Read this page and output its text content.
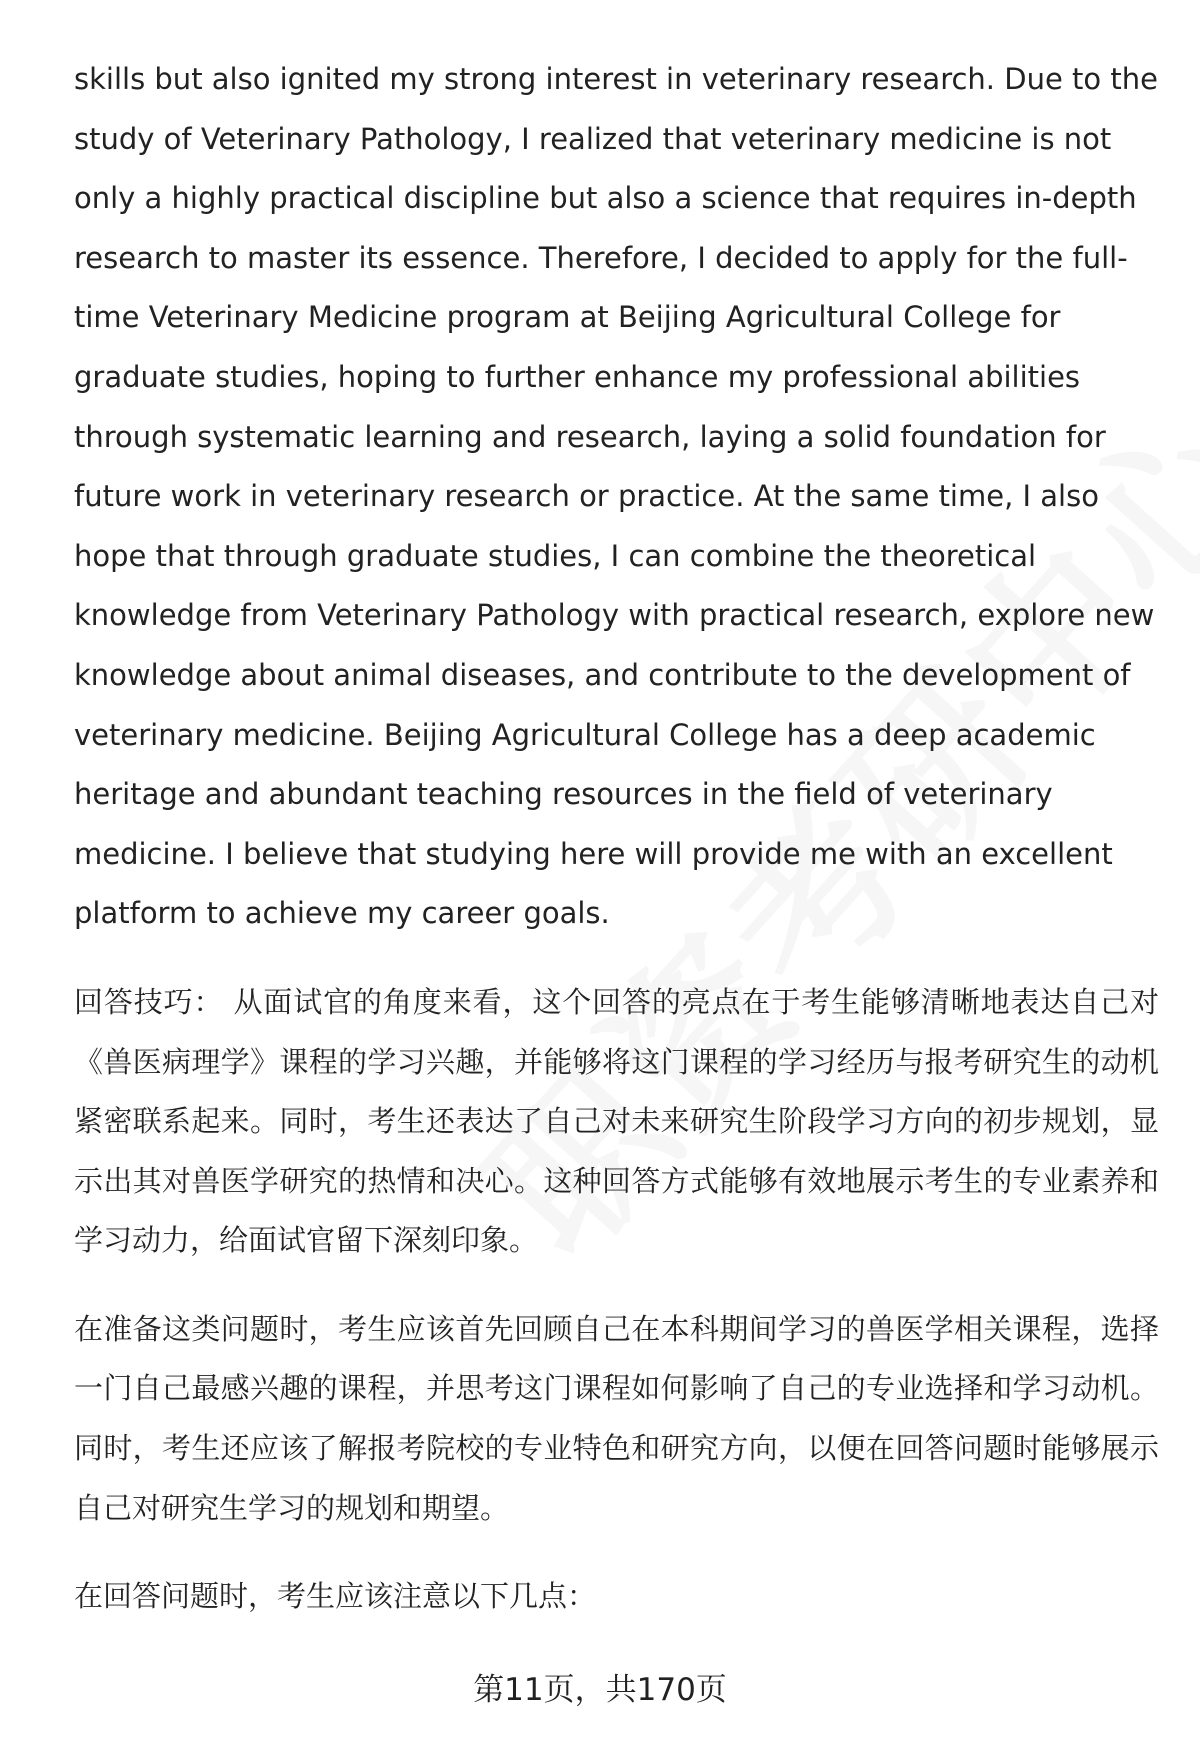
skills but also ignited my strong interest in veterinary research. Due to the study of Veterinary Pathology, I realized that veterinary medicine is not only a highly practical discipline but also a science that requires in-depth research to master its essence. Therefore, I decided to apply for the full-time Veterinary Medicine program at Beijing Agricultural College for graduate studies, hoping to further enhance my professional abilities through systematic learning and research, laying a solid foundation for future work in veterinary research or practice. At the same time, I also hope that through graduate studies, I can combine the theoretical knowledge from Veterinary Pathology with practical research, explore new knowledge about animal diseases, and contribute to the development of veterinary medicine. Beijing Agricultural College has a deep academic heritage and abundant teaching resources in the field of veterinary medicine. I believe that studying here will provide me with an excellent platform to achieve my career goals.

回答技巧： 从面试官的角度来看，这个回答的亮点在于考生能够清晰地表达自己对《兽医病理学》课程的学习兴趣，并能够将这门课程的学习经历与报考研究生的动机紧密联系起来。同时，考生还表达了自己对未来研究生阶段学习方向的初步规划，显示出其对兽医学研究的热情和决心。这种回答方式能够有效地展示考生的专业素养和学习动力，给面试官留下深刻印象。

在准备这类问题时，考生应该首先回顾自己在本科期间学习的兽医学相关课程，选择一门自己最感兴趣的课程，并思考这门课程如何影响了自己的专业选择和学习动机。同时，考生还应该了解报考院校的专业特色和研究方向，以便在回答问题时能够展示自己对研究生学习的规划和期望。

在回答问题时，考生应该注意以下几点：

第11页，共170页
